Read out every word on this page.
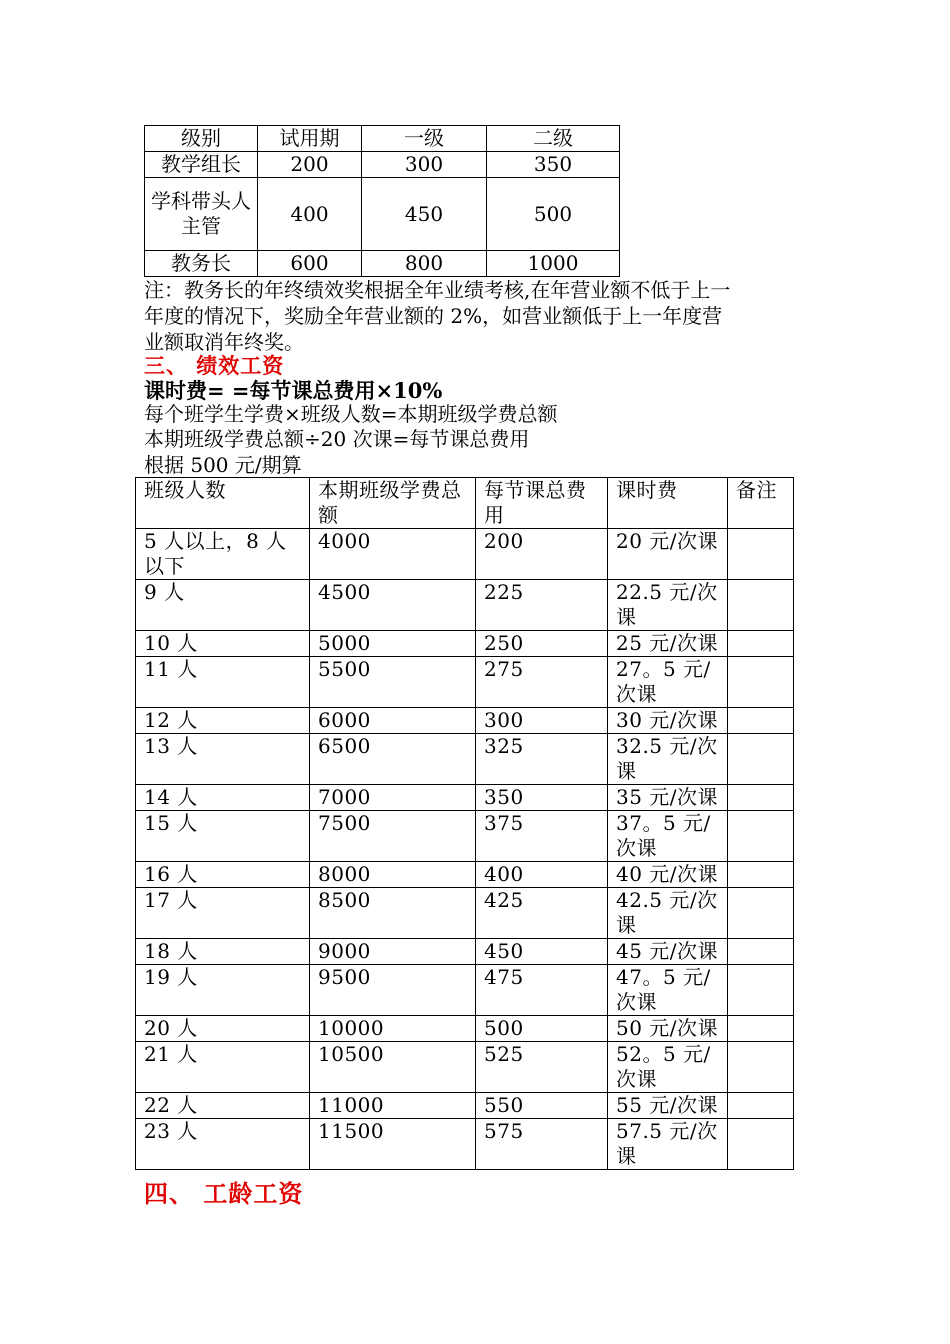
级别	试用期	一级	二级
教学组长	200	300	350
学科带头人
主管	400	450	500
教务长	600	800	1000
注：教务长的年终绩效奖根据全年业绩考核,在年营业额不低于上一
年度的情况下，奖励全年营业额的 2%，如营业额低于上一年度营
业额取消年终奖。
三、 绩效工资
课时费= =每节课总费用×10%
每个班学生学费×班级人数=本期班级学费总额
本期班级学费总额÷20 次课=每节课总费用
根据 500 元/期算
班级人数	本期班级学费总额	每节课总费用	课时费	备注
5 人以上，8 人以下	4000	200	20 元/次课	
9 人	4500	225	22.5 元/次课	
10 人	5000	250	25 元/次课	
11 人	5500	275	27。5 元/次课	
12 人	6000	300	30 元/次课	
13 人	6500	325	32.5 元/次课	
14 人	7000	350	35 元/次课	
15 人	7500	375	37。5 元/次课	
16 人	8000	400	40 元/次课	
17 人	8500	425	42.5 元/次课	
18 人	9000	450	45 元/次课	
19 人	9500	475	47。5 元/次课	
20 人	10000	500	50 元/次课	
21 人	10500	525	52。5 元/次课	
22 人	11000	550	55 元/次课	
23 人	11500	575	57.5 元/次课	
四、 工龄工资
